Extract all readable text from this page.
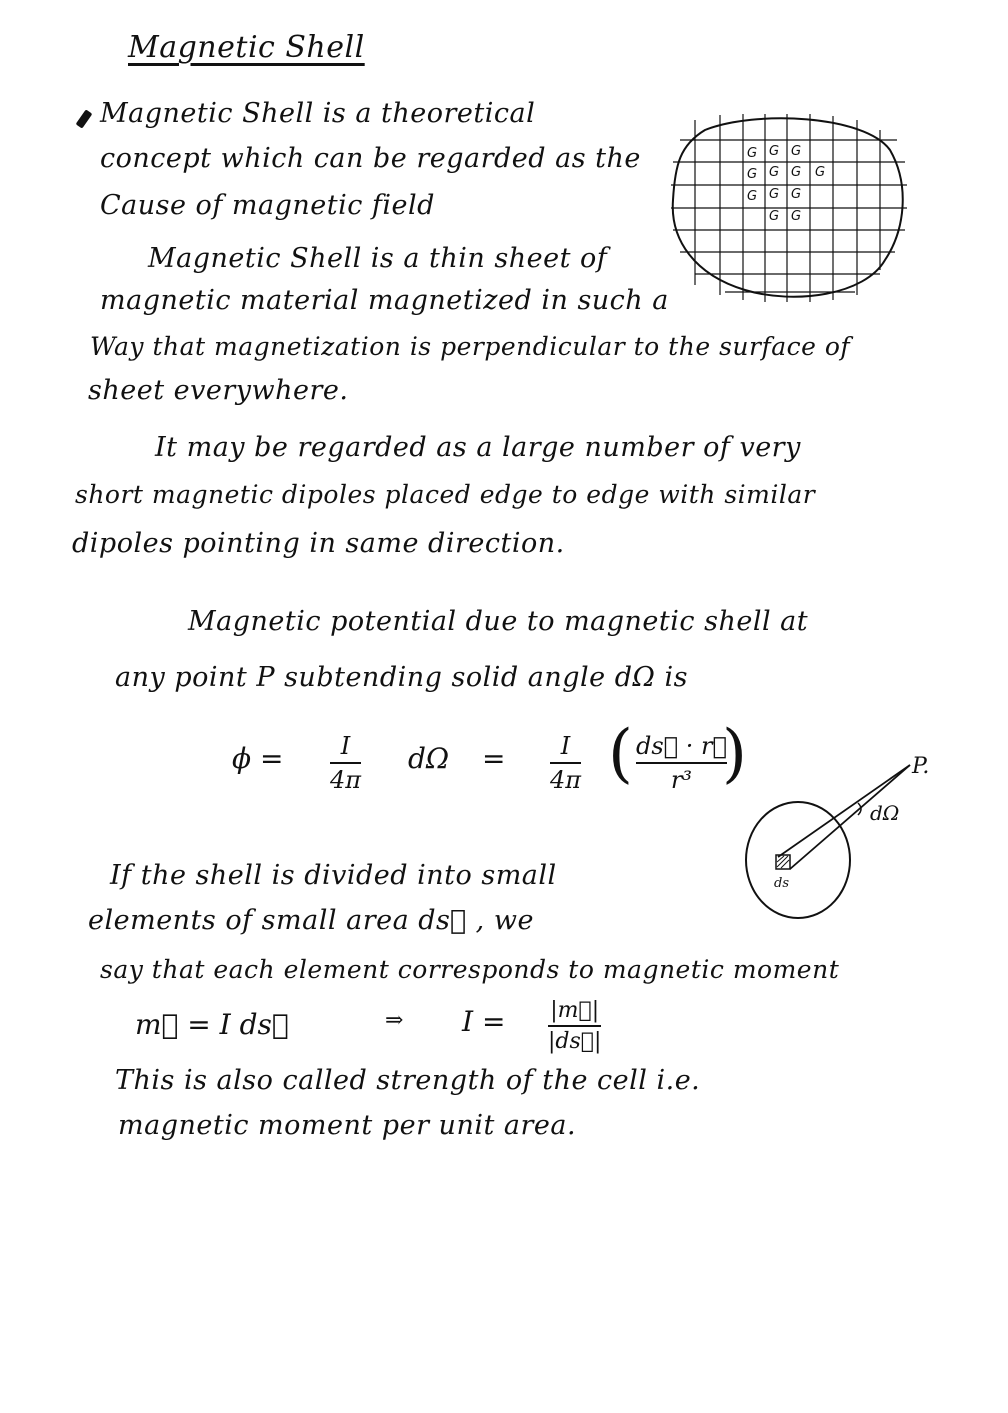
Magnetic Shell
Magnetic Shell is a theoretical
concept which can be regarded as the
Cause of magnetic field
Magnetic Shell is a thin sheet of
magnetic material magnetized in such a
Way that magnetization is perpendicular to the surface of
sheet everywhere.
G G G
G G G G
G G G
G G
It may be regarded as a large number of very
short magnetic dipoles placed edge to edge with similar
dipoles pointing in same direction.
Magnetic potential due to magnetic shell at
any point P subtending solid angle dΩ is
ϕ = I
4π
dΩ = I
4π ( ds⃗ · r⃗
r³ )	P.
dΩ
ds
If the shell is divided into small
elements of small area ds⃗ , we
say that each element corresponds to magnetic moment
m⃗ = I ds⃗	⇒ I = |m⃗|
|ds⃗|
This is also called strength of the cell i.e.
magnetic moment per unit area.
